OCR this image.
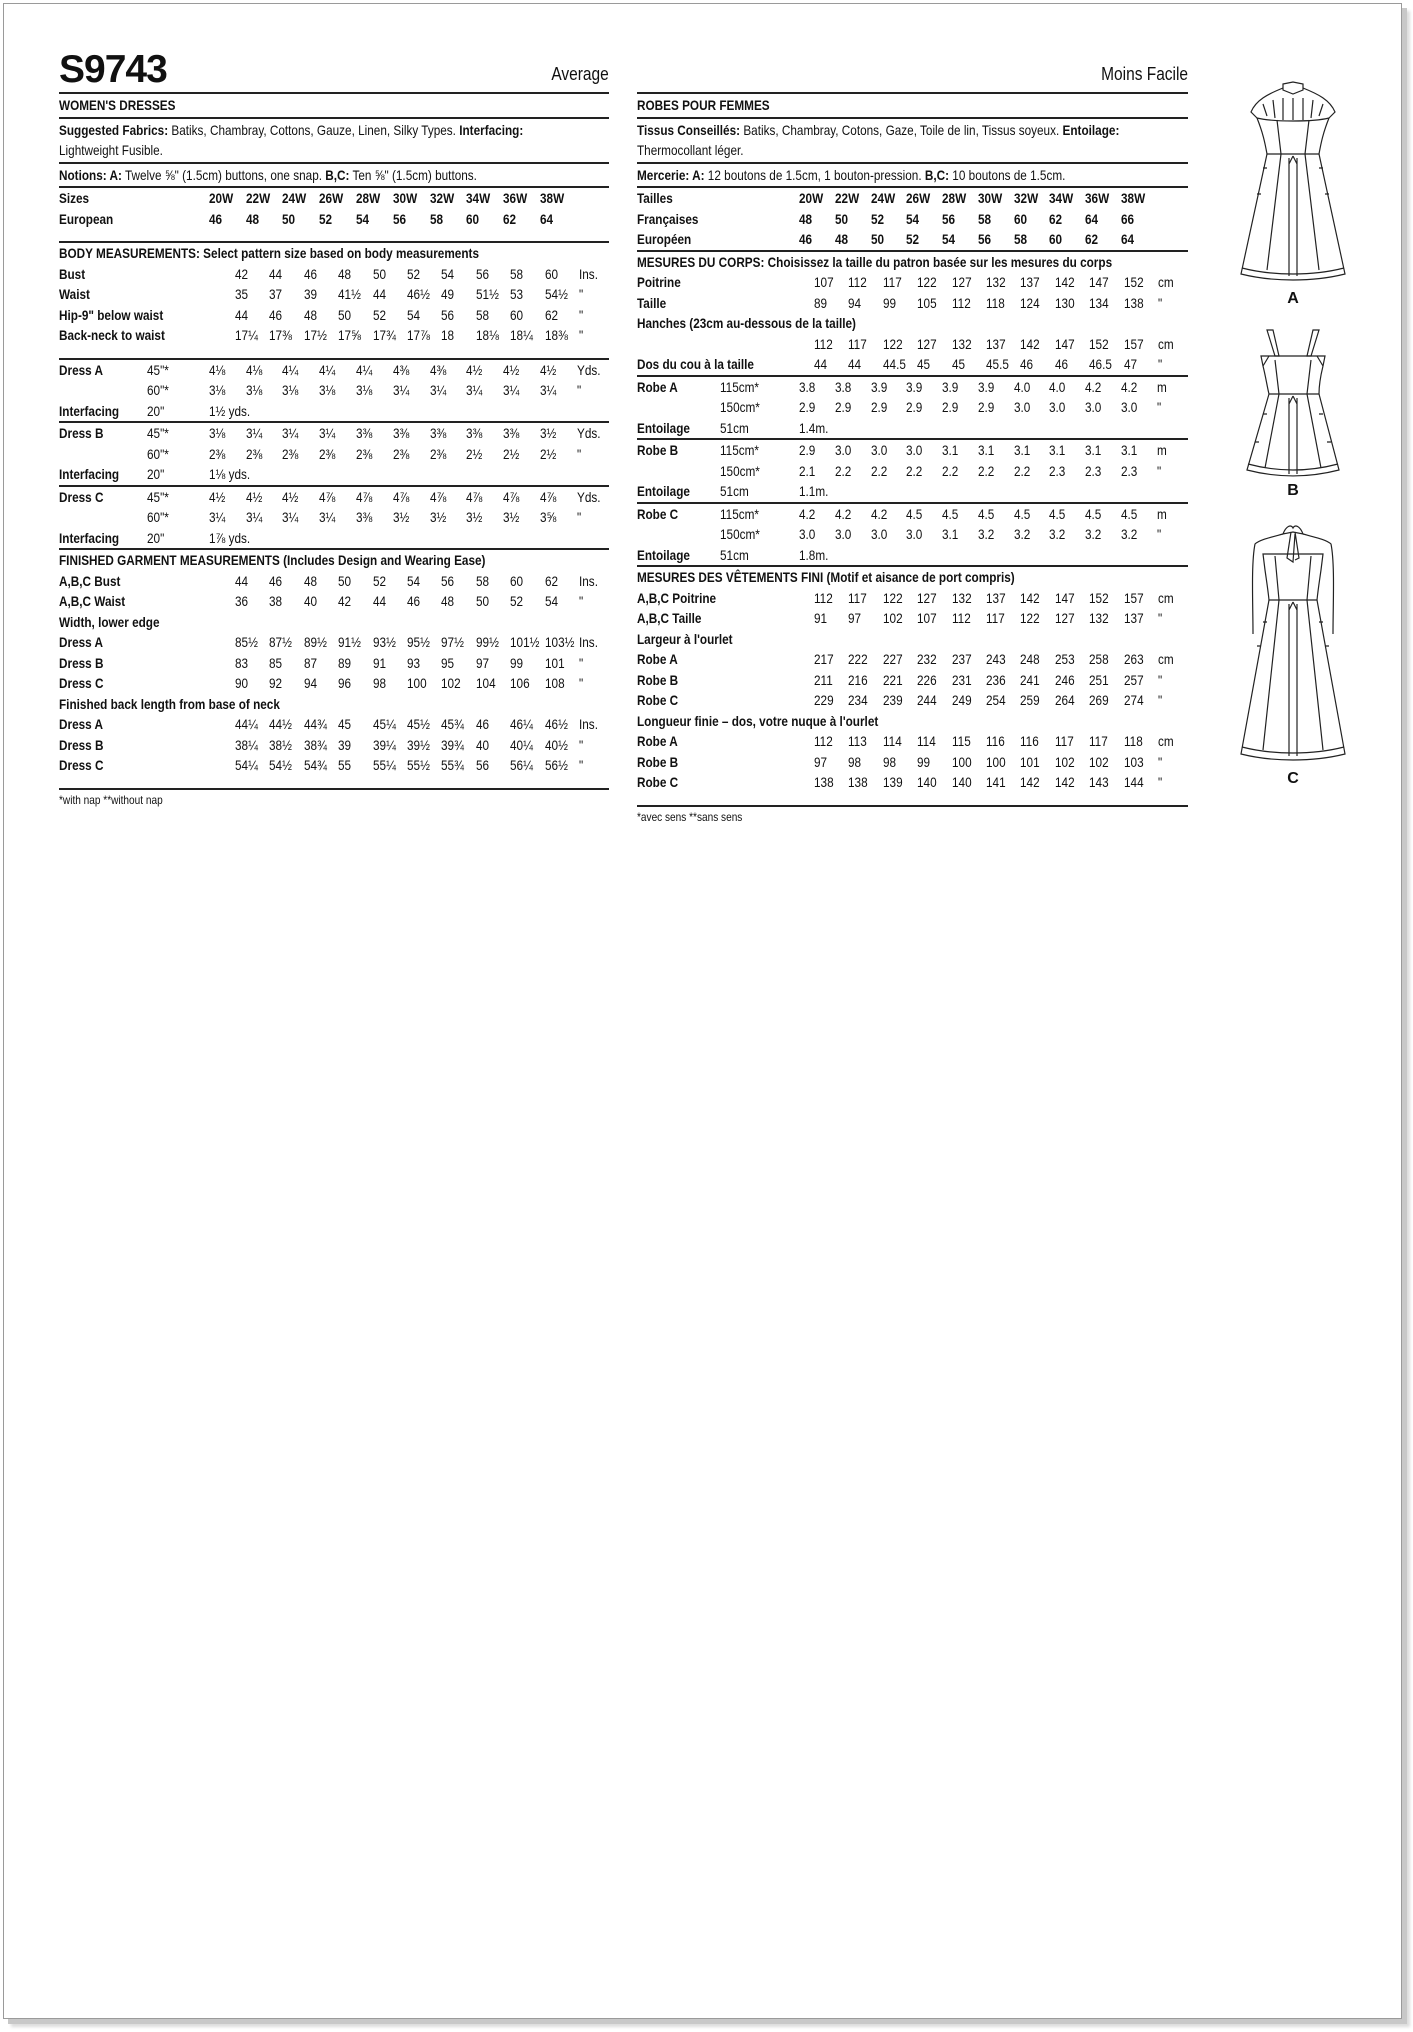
S9743	Average
WOMEN'S DRESSES
Suggested Fabrics: Batiks, Chambray, Cottons, Gauze, Linen, Silky Types. Interfacing:
Lightweight Fusible.
Notions: A: Twelve ⅝" (1.5cm) buttons, one snap. B,C: Ten ⅝" (1.5cm) buttons.
Sizes		20W	22W	24W	26W	28W	30W	32W	34W	36W	38W	
European		46	48	50	52	54	56	58	60	62	64	
BODY MEASUREMENTS: Select pattern size based on body measurements
Bust	42	44	46	48	50	52	54	56	58	60	Ins.
Waist	35	37	39	41½	44	46½	49	51½	53	54½	"
Hip-9" below waist	44	46	48	50	52	54	56	58	60	62	"
Back-neck to waist	17¼	17⅜	17½	17⅝	17¾	17⅞	18	18⅛	18¼	18⅜	"
Dress A	45"*	4⅛	4⅛	4¼	4¼	4¼	4⅜	4⅜	4½	4½	4½	Yds.
	60"*	3⅛	3⅛	3⅛	3⅛	3⅛	3¼	3¼	3¼	3¼	3¼	"
Interfacing	20"	1½ yds.										
Dress B	45"*	3⅛	3¼	3¼	3¼	3⅜	3⅜	3⅜	3⅜	3⅜	3½	Yds.
	60"*	2⅜	2⅜	2⅜	2⅜	2⅜	2⅜	2⅜	2½	2½	2½	"
Interfacing	20"	1⅛ yds.										
Dress C	45"*	4½	4½	4½	4⅞	4⅞	4⅞	4⅞	4⅞	4⅞	4⅞	Yds.
	60"*	3¼	3¼	3¼	3¼	3⅜	3½	3½	3½	3½	3⅝	"
Interfacing	20"	1⅞ yds.										
FINISHED GARMENT MEASUREMENTS (Includes Design and Wearing Ease)
A,B,C Bust	44	46	48	50	52	54	56	58	60	62	Ins.
A,B,C Waist	36	38	40	42	44	46	48	50	52	54	"
Width, lower edge											
Dress A	85½	87½	89½	91½	93½	95½	97½	99½	101½	103½	Ins.
Dress B	83	85	87	89	91	93	95	97	99	101	"
Dress C	90	92	94	96	98	100	102	104	106	108	"
Finished back length from base of neck											
Dress A	44¼	44½	44¾	45	45¼	45½	45¾	46	46¼	46½	Ins.
Dress B	38¼	38½	38¾	39	39¼	39½	39¾	40	40¼	40½	"
Dress C	54¼	54½	54¾	55	55¼	55½	55¾	56	56¼	56½	"
*with nap **without nap
Moins Facile
ROBES POUR FEMMES
Tissus Conseillés: Batiks, Chambray, Cotons, Gaze, Toile de lin, Tissus soyeux. Entoilage:
Thermocollant léger.
Mercerie: A: 12 boutons de 1.5cm, 1 bouton-pression. B,C: 10 boutons de 1.5cm.
Tailles		20W	22W	24W	26W	28W	30W	32W	34W	36W	38W	
Françaises		48	50	52	54	56	58	60	62	64	66	
Européen		46	48	50	52	54	56	58	60	62	64	
MESURES DU CORPS: Choisissez la taille du patron basée sur les mesures du corps
Poitrine	107	112	117	122	127	132	137	142	147	152	cm
Taille	89	94	99	105	112	118	124	130	134	138	"
Hanches (23cm au-dessous de la taille)											
	112	117	122	127	132	137	142	147	152	157	cm
Dos du cou à la taille	44	44	44.5	45	45	45.5	46	46	46.5	47	"
Robe A	115cm*	3.8	3.8	3.9	3.9	3.9	3.9	4.0	4.0	4.2	4.2	m
	150cm*	2.9	2.9	2.9	2.9	2.9	2.9	3.0	3.0	3.0	3.0	"
Entoilage	51cm	1.4m.										
Robe B	115cm*	2.9	3.0	3.0	3.0	3.1	3.1	3.1	3.1	3.1	3.1	m
	150cm*	2.1	2.2	2.2	2.2	2.2	2.2	2.2	2.3	2.3	2.3	"
Entoilage	51cm	1.1m.										
Robe C	115cm*	4.2	4.2	4.2	4.5	4.5	4.5	4.5	4.5	4.5	4.5	m
	150cm*	3.0	3.0	3.0	3.0	3.1	3.2	3.2	3.2	3.2	3.2	"
Entoilage	51cm	1.8m.										
MESURES DES VÊTEMENTS FINI (Motif et aisance de port compris)
A,B,C Poitrine	112	117	122	127	132	137	142	147	152	157	cm
A,B,C Taille	91	97	102	107	112	117	122	127	132	137	"
Largeur à l'ourlet											
Robe A	217	222	227	232	237	243	248	253	258	263	cm
Robe B	211	216	221	226	231	236	241	246	251	257	"
Robe C	229	234	239	244	249	254	259	264	269	274	"
Longueur finie – dos, votre nuque à l'ourlet											
Robe A	112	113	114	114	115	116	116	117	117	118	cm
Robe B	97	98	98	99	100	100	101	102	102	103	"
Robe C	138	138	139	140	140	141	142	142	143	144	"
*avec sens **sans sens
A
B
C
